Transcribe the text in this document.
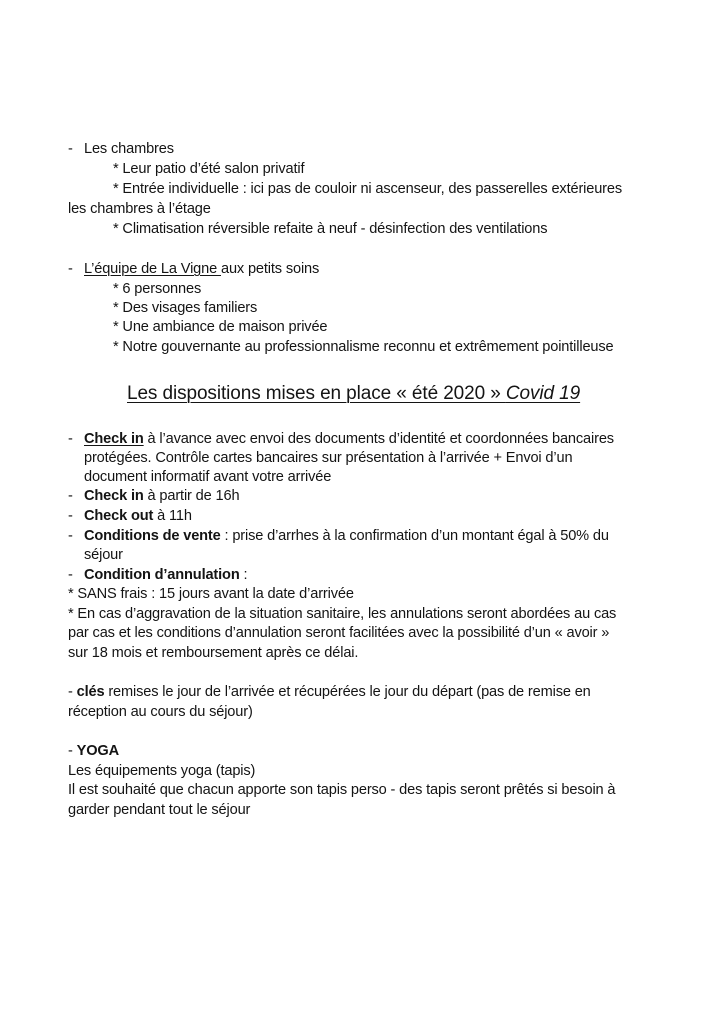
- Les chambres
* Leur patio d’été salon privatif
* Entrée individuelle : ici pas de couloir ni ascenseur, des passerelles extérieures
les chambres à l’étage
* Climatisation réversible refaite à neuf - désinfection des ventilations
- L’équipe de La Vigne aux petits soins
* 6 personnes
* Des visages familiers
* Une ambiance de maison privée
* Notre gouvernante au professionnalisme reconnu et extrêmement pointilleuse
Les dispositions mises en place « été 2020 » Covid 19
- Check in à l’avance avec envoi des documents d’identité et coordonnées bancaires
protégées. Contrôle cartes bancaires sur présentation à l’arrivée + Envoi d’un
document informatif avant votre arrivée
- Check in à partir de 16h
- Check out à 11h
- Conditions de vente : prise d’arrhes à la confirmation d’un montant égal à 50% du
séjour
- Condition d’annulation :
* SANS frais : 15 jours avant la date d’arrivée
* En cas d’aggravation de la situation sanitaire, les annulations seront abordées au cas
par cas et les conditions d’annulation seront facilitées avec la possibilité d’un « avoir »
sur 18 mois et remboursement après ce délai.
- clés remises le jour de l’arrivée et récupérées le jour du départ (pas de remise en
réception au cours du séjour)
- YOGA
Les équipements yoga (tapis)
Il est souhaité que chacun apporte son tapis perso - des tapis seront prêtés si besoin à
garder pendant tout le séjour
